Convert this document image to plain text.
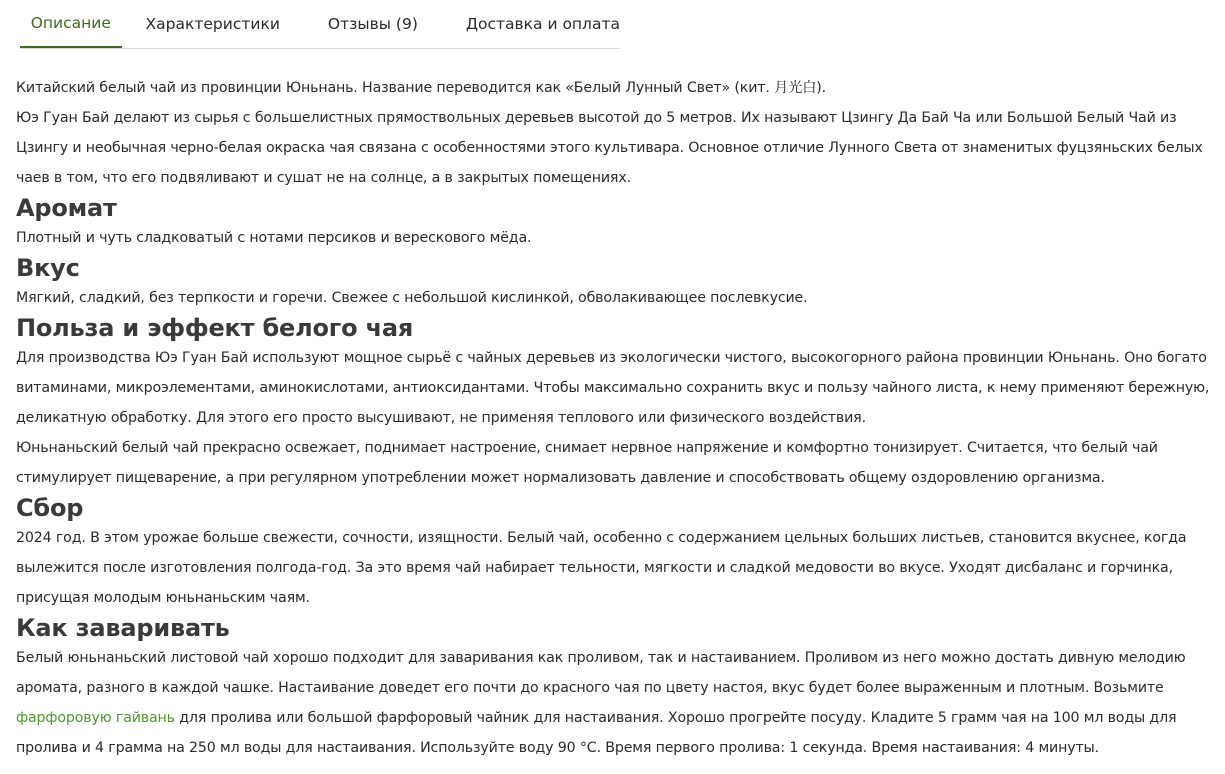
Описание	Характеристики	Отзывы (9)	Доставка и оплата

Китайский белый чай из провинции Юньнань. Название переводится как «Белый Лунный Свет» (кит. 月光白).

Юэ Гуан Бай делают из сырья с большелистных прямоствольных деревьев высотой до 5 метров. Их называют Цзингу Да Бай Ча или Большой Белый Чай из Цзингу и необычная черно-белая окраска чая связана с особенностями этого культивара. Основное отличие Лунного Света от знаменитых фуцзяньских белых чаев в том, что его подвяливают и сушат не на солнце, а в закрытых помещениях.

Аромат

Плотный и чуть сладковатый с нотами персиков и верескового мёда.

Вкус

Мягкий, сладкий, без терпкости и горечи. Свежее с небольшой кислинкой, обволакивающее послевкусие.

Польза и эффект белого чая

Для производства Юэ Гуан Бай используют мощное сырьё с чайных деревьев из экологически чистого, высокогорного района провинции Юньнань. Оно богато витаминами, микроэлементами, аминокислотами, антиоксидантами. Чтобы максимально сохранить вкус и пользу чайного листа, к нему применяют бережную, деликатную обработку. Для этого его просто высушивают, не применяя теплового или физического воздействия.

Юньнаньский белый чай прекрасно освежает, поднимает настроение, снимает нервное напряжение и комфортно тонизирует. Считается, что белый чай стимулирует пищеварение, а при регулярном употреблении может нормализовать давление и способствовать общему оздоровлению организма.

Сбор

2024 год. В этом урожае больше свежести, сочности, изящности. Белый чай, особенно с содержанием цельных больших листьев, становится вкуснее, когда вылежится после изготовления полгода-год. За это время чай набирает тельности, мягкости и сладкой медовости во вкусе. Уходят дисбаланс и горчинка, присущая молодым юньнаньским чаям.

Как заваривать

Белый юньнаньский листовой чай хорошо подходит для заваривания как проливом, так и настаиванием. Проливом из него можно достать дивную мелодию аромата, разного в каждой чашке. Настаивание доведет его почти до красного чая по цвету настоя, вкус будет более выраженным и плотным. Возьмите фарфоровую гайвань для пролива или большой фарфоровый чайник для настаивания. Хорошо прогрейте посуду. Кладите 5 грамм чая на 100 мл воды для пролива и 4 грамма на 250 мл воды для настаивания. Используйте воду 90 °C. Время первого пролива: 1 секунда. Время настаивания: 4 минуты.
